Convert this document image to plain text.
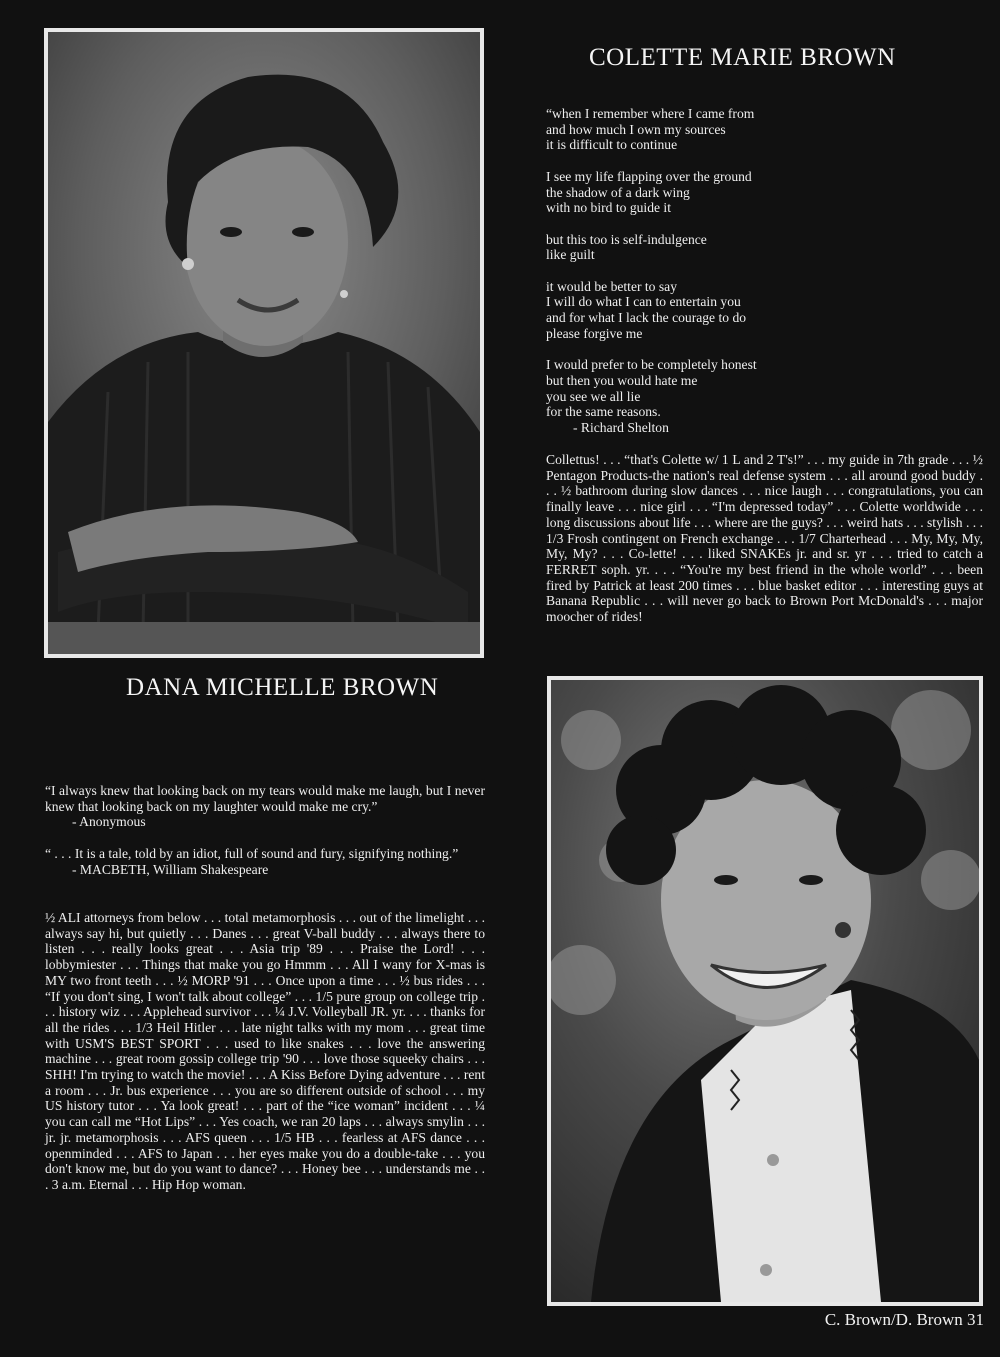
COLETTE MARIE BROWN

“when I remember where I came from
and how much I own my sources
it is difficult to continue

I see my life flapping over the ground
the shadow of a dark wing
with no bird to guide it

but this too is self-indulgence
like guilt

it would be better to say
I will do what I can to entertain you
and for what I lack the courage to do
please forgive me

I would prefer to be completely honest
but then you would hate me
you see we all lie
for the same reasons.

- Richard Shelton
Collettus! . . . “that's Colette w/ 1 L and 2 T's!” . . . my guide in 7th grade . . . ½ Pentagon Products-the nation's real defense system . . . all around good buddy . . . ½ bathroom during slow dances . . . nice laugh . . . congratulations, you can finally leave . . . nice girl . . . “I'm depressed today” . . . Colette worldwide . . . long discussions about life . . . where are the guys? . . . weird hats . . . stylish . . . 1/3 Frosh contingent on French exchange . . . 1/7 Charterhead . . . My, My, My, My, My? . . . Co-lette! . . . liked SNAKEs jr. and sr. yr . . . tried to catch a FERRET soph. yr. . . . “You're my best friend in the whole world” . . . been fired by Patrick at least 200 times . . . blue basket editor . . . interesting guys at Banana Republic . . . will never go back to Brown Port McDonald's . . . major moocher of rides!
DANA MICHELLE BROWN

“I always knew that looking back on my tears would make me laugh, but I never knew that looking back on my laughter would make me cry.”

- Anonymous

“ . . . It is a tale, told by an idiot, full of sound and fury, signifying nothing.”

- MACBETH, William Shakespeare
½ ALI attorneys from below . . . total metamorphosis . . . out of the limelight . . . always say hi, but quietly . . . Danes . . . great V-ball buddy . . . always there to listen . . . really looks great . . . Asia trip '89 . . . Praise the Lord! . . . lobbymiester . . . Things that make you go Hmmm . . . All I wany for X-mas is MY two front teeth . . . ½ MORP '91 . . . Once upon a time . . . ½ bus rides . . . “If you don't sing, I won't talk about college” . . . 1/5 pure group on college trip . . . history wiz . . . Applehead survivor . . . ¼ J.V. Volleyball JR. yr. . . . thanks for all the rides . . . 1/3 Heil Hitler . . . late night talks with my mom . . . great time with USM'S BEST SPORT . . . used to like snakes . . . love the answering machine . . . great room gossip college trip '90 . . . love those squeeky chairs . . . SHH! I'm trying to watch the movie! . . . A Kiss Before Dying adventure . . . rent a room . . . Jr. bus experience . . . you are so different outside of school . . . my US history tutor . . . Ya look great! . . . part of the “ice woman” incident . . . ¼ you can call me “Hot Lips” . . . Yes coach, we ran 20 laps . . . always smylin . . . jr. jr. metamorphosis . . . AFS queen . . . 1/5 HB . . . fearless at AFS dance . . . openminded . . . AFS to Japan . . . her eyes make you do a double-take . . . you don't know me, but do you want to dance? . . . Honey bee . . . understands me . . . 3 a.m. Eternal . . . Hip Hop woman.
C. Brown/D. Brown 31
